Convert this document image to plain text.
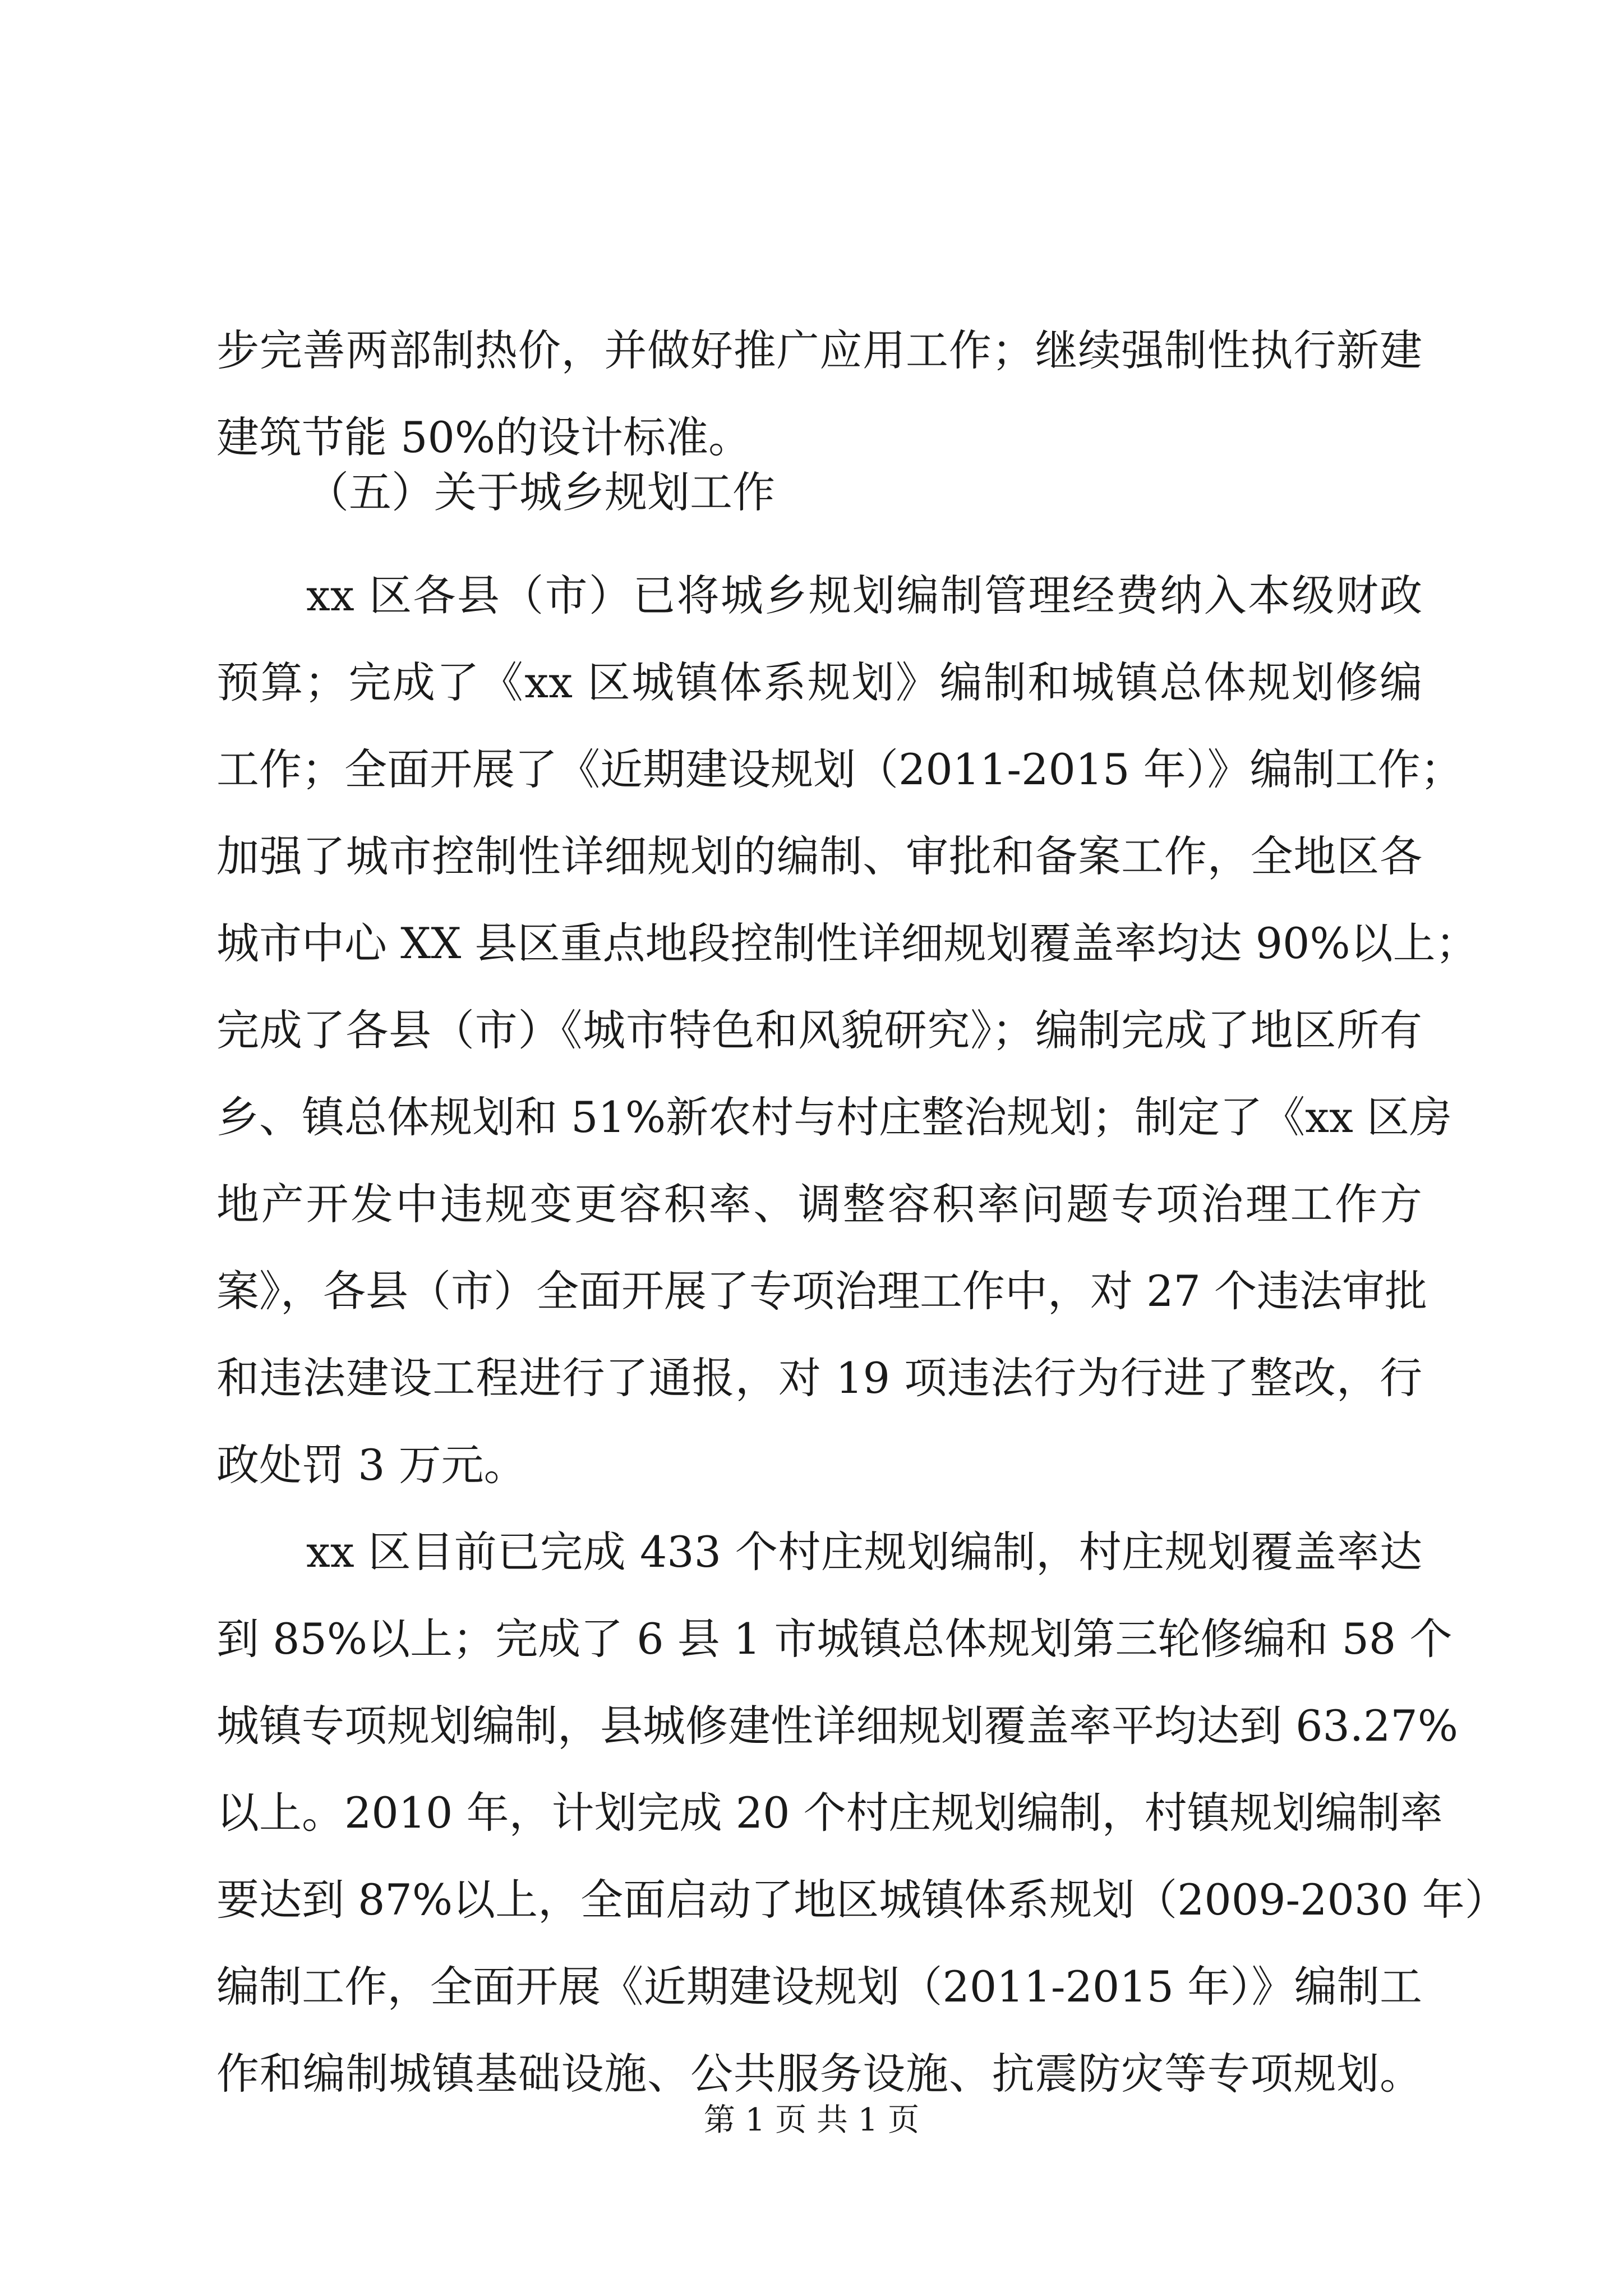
步完善两部制热价，并做好推广应用工作；继续强制性执行新建
建筑节能 50%的设计标准。
（五）关于城乡规划工作
xx 区各县（市）已将城乡规划编制管理经费纳入本级财政
预算；完成了《xx 区城镇体系规划》编制和城镇总体规划修编
工作；全面开展了《近期建设规划（2011-2015 年）》编制工作；
加强了城市控制性详细规划的编制、审批和备案工作，全地区各
城市中心 XX 县区重点地段控制性详细规划覆盖率均达 90%以上；
完成了各县（市）《城市特色和风貌研究》；编制完成了地区所有
乡、镇总体规划和 51%新农村与村庄整治规划；制定了《xx 区房
地产开发中违规变更容积率、调整容积率问题专项治理工作方
案》，各县（市）全面开展了专项治理工作中，对 27 个违法审批
和违法建设工程进行了通报，对 19 项违法行为行进了整改，行
政处罚 3 万元。
xx 区目前已完成 433 个村庄规划编制，村庄规划覆盖率达
到 85%以上；完成了 6 县 1 市城镇总体规划第三轮修编和 58 个
城镇专项规划编制，县城修建性详细规划覆盖率平均达到 63.27%
以上。2010 年，计划完成 20 个村庄规划编制，村镇规划编制率
要达到 87%以上，全面启动了地区城镇体系规划（2009-2030 年）
编制工作，全面开展《近期建设规划（2011-2015 年）》编制工
作和编制城镇基础设施、公共服务设施、抗震防灾等专项规划。
第 1 页 共 1 页
